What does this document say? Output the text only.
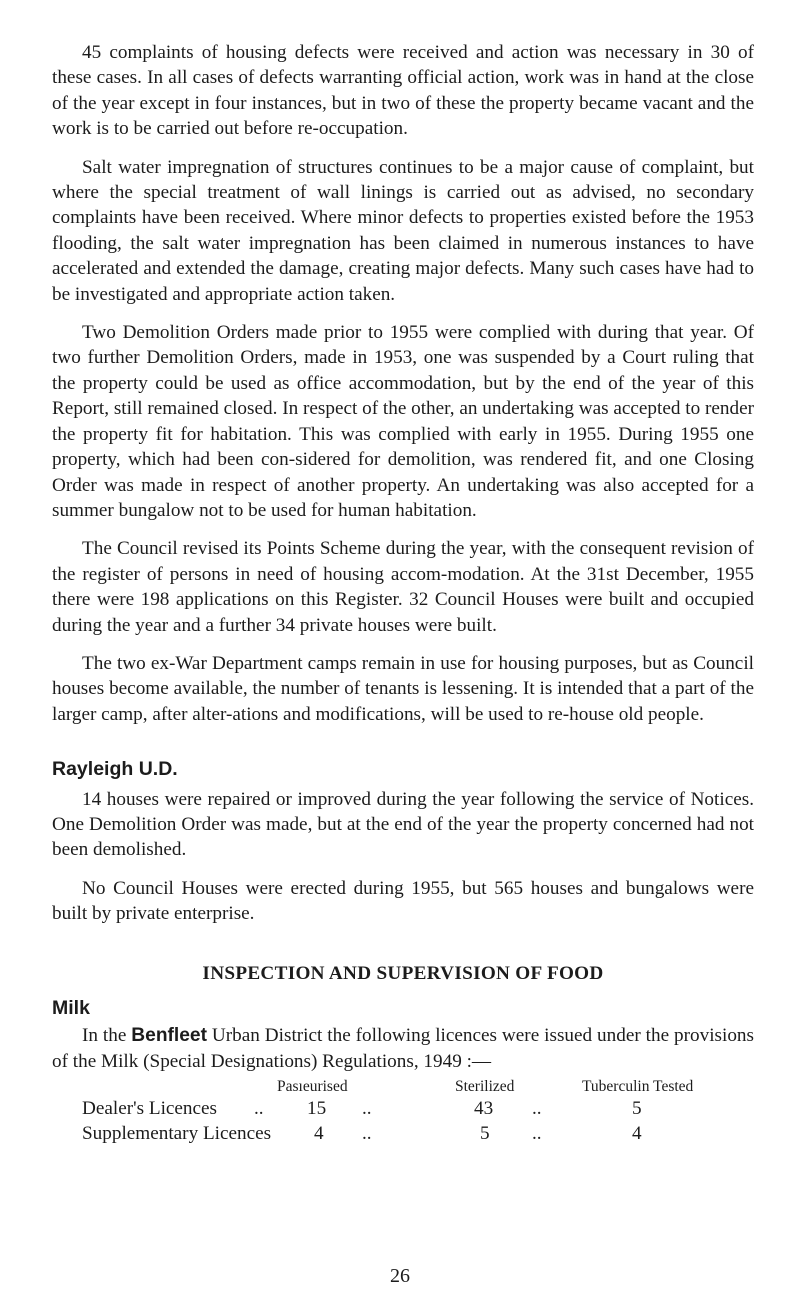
45 complaints of housing defects were received and action was necessary in 30 of these cases. In all cases of defects warranting official action, work was in hand at the close of the year except in four instances, but in two of these the property became vacant and the work is to be carried out before re-occupation.

Salt water impregnation of structures continues to be a major cause of complaint, but where the special treatment of wall linings is carried out as advised, no secondary complaints have been received. Where minor defects to properties existed before the 1953 flooding, the salt water impregnation has been claimed in numerous instances to have accelerated and extended the damage, creating major defects. Many such cases have had to be investigated and appropriate action taken.

Two Demolition Orders made prior to 1955 were complied with during that year. Of two further Demolition Orders, made in 1953, one was suspended by a Court ruling that the property could be used as office accommodation, but by the end of the year of this Report, still remained closed. In respect of the other, an undertaking was accepted to render the property fit for habitation. This was complied with early in 1955. During 1955 one property, which had been con-sidered for demolition, was rendered fit, and one Closing Order was made in respect of another property. An undertaking was also accepted for a summer bungalow not to be used for human habitation.

The Council revised its Points Scheme during the year, with the consequent revision of the register of persons in need of housing accom-modation. At the 31st December, 1955 there were 198 applications on this Register. 32 Council Houses were built and occupied during the year and a further 34 private houses were built.

The two ex-War Department camps remain in use for housing purposes, but as Council houses become available, the number of tenants is lessening. It is intended that a part of the larger camp, after alter-ations and modifications, will be used to re-house old people.

Rayleigh U.D.

14 houses were repaired or improved during the year following the service of Notices. One Demolition Order was made, but at the end of the year the property concerned had not been demolished.

No Council Houses were erected during 1955, but 565 houses and bungalows were built by private enterprise.

INSPECTION AND SUPERVISION OF FOOD
Milk

In the Benfleet Urban District the following licences were issued under the provisions of the Milk (Special Designations) Regulations, 1949 :—

Pasıeurised	Sterilized	Tuberculin Tested
Dealer's Licences .. 15 ..	43 ..	5
Supplementary Licences 4 ..	5 ..	4
26
